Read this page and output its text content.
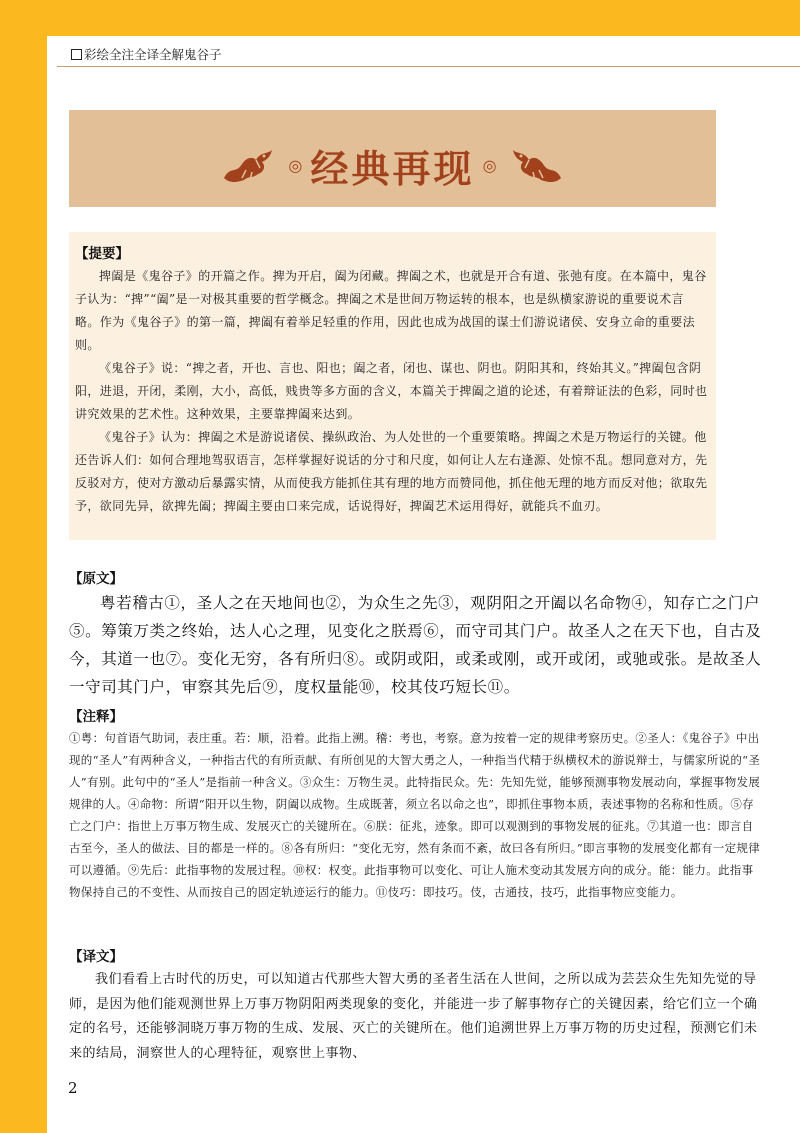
彩绘全注全译全解鬼谷子
◎ 经典再现 ◎
【提要】

捭阖是《鬼谷子》的开篇之作。捭为开启，阖为闭藏。捭阖之术，也就是开合有道、张弛有度。在本篇中，鬼谷子认为：“捭”“阖”是一对极其重要的哲学概念。捭阖之术是世间万物运转的根本，也是纵横家游说的重要说术言略。作为《鬼谷子》的第一篇，捭阖有着举足轻重的作用，因此也成为战国的谋士们游说诸侯、安身立命的重要法则。

《鬼谷子》说：“捭之者，开也、言也、阳也；阖之者，闭也、谋也、阴也。阴阳其和，终始其义。”捭阖包含阴阳，进退，开闭，柔刚，大小，高低，贱贵等多方面的含义，本篇关于捭阖之道的论述，有着辩证法的色彩，同时也讲究效果的艺术性。这种效果，主要靠捭阖来达到。

《鬼谷子》认为：捭阖之术是游说诸侯、操纵政治、为人处世的一个重要策略。捭阖之术是万物运行的关键。他还告诉人们：如何合理地驾驭语言，怎样掌握好说话的分寸和尺度，如何让人左右逢源、处惊不乱。想同意对方，先反驳对方，使对方激动后暴露实情，从而使我方能抓住其有理的地方而赞同他，抓住他无理的地方而反对他；欲取先予，欲同先异，欲捭先阖；捭阖主要由口来完成，话说得好，捭阖艺术运用得好，就能兵不血刃。

【原文】

粤若稽古①，圣人之在天地间也②，为众生之先③，观阴阳之开阖以名命物④，知存亡之门户⑤。筹策万类之终始，达人心之理，见变化之朕焉⑥，而守司其门户。故圣人之在天下也，自古及今，其道一也⑦。变化无穷，各有所归⑧。或阴或阳，或柔或刚，或开或闭，或驰或张。是故圣人一守司其门户，审察其先后⑨，度权量能⑩，校其伎巧短长⑪。

【注释】

①粤：句首语气助词，表庄重。若：顺，沿着。此指上溯。稽：考也，考察。意为按着一定的规律考察历史。②圣人：《鬼谷子》中出现的“圣人”有两种含义，一种指古代的有所贡献、有所创见的大智大勇之人，一种指当代精于纵横权术的游说辩士，与儒家所说的“圣人”有别。此句中的“圣人”是指前一种含义。③众生：万物生灵。此特指民众。先：先知先觉，能够预测事物发展动向，掌握事物发展规律的人。④命物：所谓“阳开以生物，阴阖以成物。生成既著，须立名以命之也”，即抓住事物本质，表述事物的名称和性质。⑤存亡之门户：指世上万事万物生成、发展灭亡的关键所在。⑥朕：征兆，迹象。即可以观测到的事物发展的征兆。⑦其道一也：即言自古至今，圣人的做法、目的都是一样的。⑧各有所归：“变化无穷，然有条而不紊，故曰各有所归。”即言事物的发展变化都有一定规律可以遵循。⑨先后：此指事物的发展过程。⑩权：权变。此指事物可以变化、可让人施术变动其发展方向的成分。能：能力。此指事物保持自己的不变性、从而按自己的固定轨迹运行的能力。⑪伎巧：即技巧。伎，古通技，技巧，此指事物应变能力。

【译文】

我们看看上古时代的历史，可以知道古代那些大智大勇的圣者生活在人世间，之所以成为芸芸众生先知先觉的导师，是因为他们能观测世界上万事万物阴阳两类现象的变化，并能进一步了解事物存亡的关键因素，给它们立一个确定的名号，还能够洞晓万事万物的生成、发展、灭亡的关键所在。他们追溯世界上万事万物的历史过程，预测它们未来的结局，洞察世人的心理特征，观察世上事物、

2
